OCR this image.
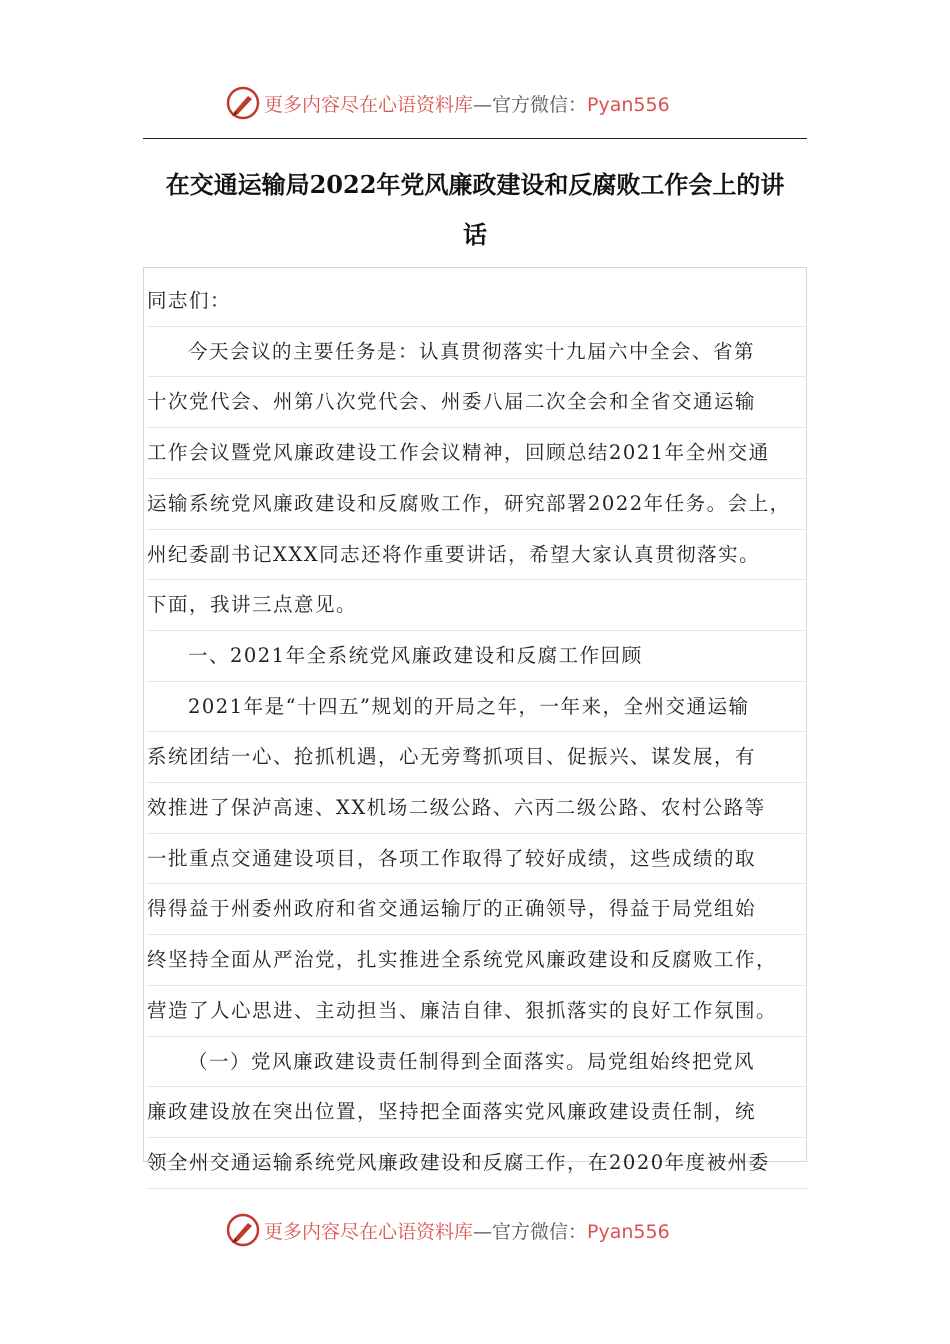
更多内容尽在心语资料库—官方微信：Pyan556
在交通运输局2022年党风廉政建设和反腐败工作会上的讲
话
同志们：
今天会议的主要任务是：认真贯彻落实十九届六中全会、省第
十次党代会、州第八次党代会、州委八届二次全会和全省交通运输
工作会议暨党风廉政建设工作会议精神，回顾总结2021年全州交通
运输系统党风廉政建设和反腐败工作，研究部署2022年任务。会上，
州纪委副书记XXX同志还将作重要讲话，希望大家认真贯彻落实。
下面，我讲三点意见。
一、2021年全系统党风廉政建设和反腐工作回顾
2021年是“十四五”规划的开局之年，一年来，全州交通运输
系统团结一心、抢抓机遇，心无旁骛抓项目、促振兴、谋发展，有
效推进了保泸高速、XX机场二级公路、六丙二级公路、农村公路等
一批重点交通建设项目，各项工作取得了较好成绩，这些成绩的取
得得益于州委州政府和省交通运输厅的正确领导，得益于局党组始
终坚持全面从严治党，扎实推进全系统党风廉政建设和反腐败工作，
营造了人心思进、主动担当、廉洁自律、狠抓落实的良好工作氛围。
（一）党风廉政建设责任制得到全面落实。局党组始终把党风
廉政建设放在突出位置，坚持把全面落实党风廉政建设责任制，统
领全州交通运输系统党风廉政建设和反腐工作，在2020年度被州委
更多内容尽在心语资料库—官方微信：Pyan556
